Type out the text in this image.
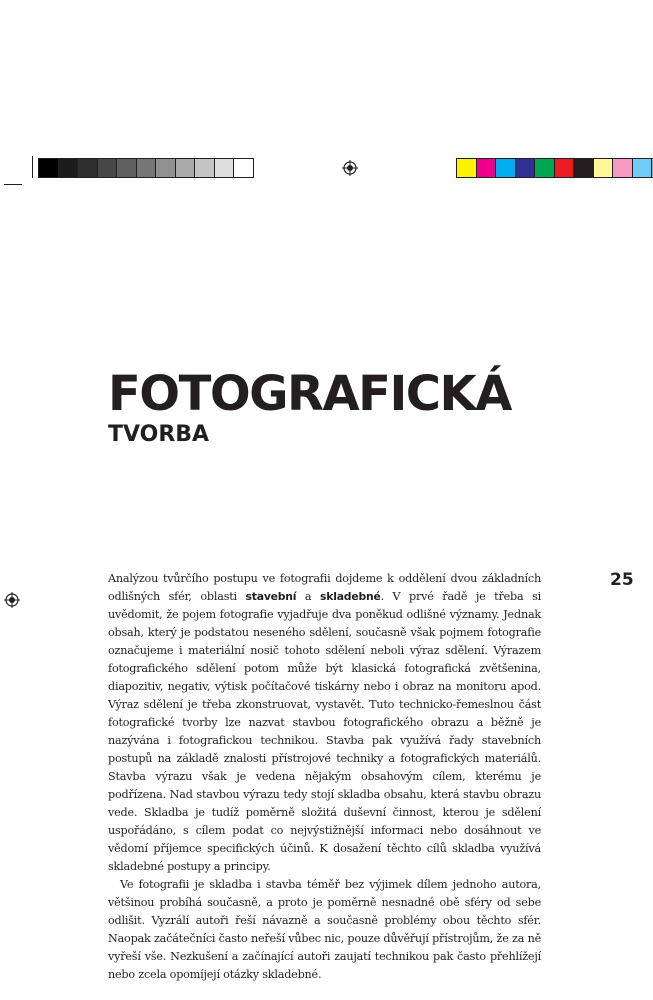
FOTOGRAFICKÁ
TVORBA
25

Analýzou tvůrčího postupu ve fotografii dojdeme k oddělení dvou základních odlišných sfér, oblasti stavební a skladebné. V prvé řadě je třeba si uvědomit, že pojem fotografie vyjadřuje dva poněkud odlišné významy. Jednak obsah, který je podstatou neseného sdělení, současně však pojmem fotografie označujeme i materiální nosič tohoto sdělení neboli výraz sdělení. Výrazem fotografického sdělení potom může být klasická fotografická zvětšenina, diapozitiv, negativ, výtisk počítačové tiskárny nebo i obraz na monitoru apod. Výraz sdělení je třeba zkonstruovat, vystavět. Tuto technicko-řemeslnou část fotografické tvorby lze nazvat stavbou fotografického obrazu a běžně je nazývána i fotografickou technikou. Stavba pak využívá řady stavebních postupů na základě znalosti přístrojové techniky a fotografických materiálů. Stavba výrazu však je vedena nějakým obsahovým cílem, kterému je podřízena. Nad stavbou výrazu tedy stojí skladba obsahu, která stavbu obrazu vede. Skladba je tudíž poměrně složitá duševní činnost, kterou je sdělení uspořádáno, s cílem podat co nejvýstižnější informaci nebo dosáhnout ve vědomí příjemce specifických účinů. K dosažení těchto cílů skladba využívá skladebné postupy a principy.

Ve fotografii je skladba i stavba téměř bez výjimek dílem jednoho autora, většinou probíhá současně, a proto je poměrně nesnadné obě sféry od sebe odlišit. Vyzrálí autoři řeší návazně a současně problémy obou těchto sfér. Naopak začátečníci často neřeší vůbec nic, pouze důvěřují přístrojům, že za ně vyřeší vše. Nezkušení a začínající autoři zaujatí technikou pak často přehlížejí nebo zcela opomíjejí otázky skladebné.
